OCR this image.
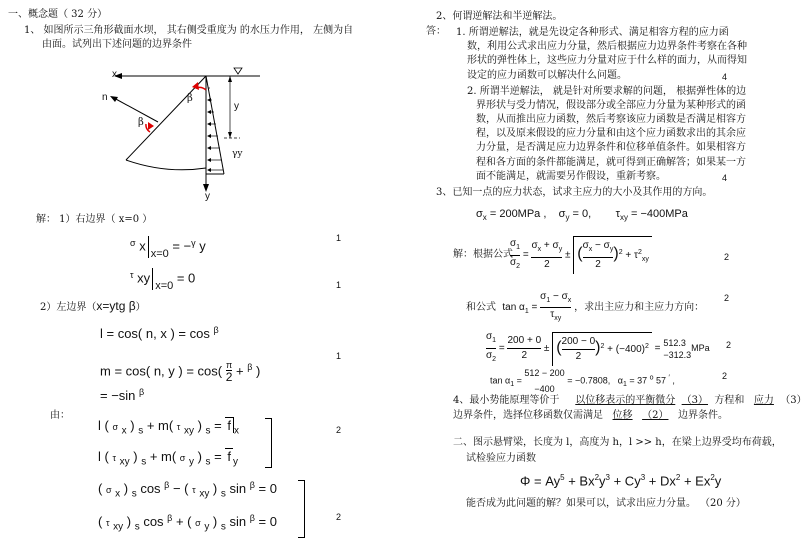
一、概念题（ 32 分）
1、 如图所示三角形截面水坝， 其右侧受重度为 的水压力作用， 左侧为自
由面。试列出下述问题的边界条件
x
n	β
β
y
γy
y
解： 1）右边界（ x=0 ）
$^\sigma$ $x_{x=0} = -^\gamma$ y
1
$^\tau$ $xy_{x=0} = 0$	1
2）左边界（x=ytg β）
l = cos( n, x ) = cos $^\beta$
m = cos( n, y ) = cos( π
2 + $^\beta$ )
1
= −sin $^\beta$
由：
l ( σ $_x$ ) $_s$ + m( τ $_{xy}$ ) $_s$ = f $_x$
l ( τ $_{xy}$ ) $_s$ + m( σ $_y$ ) $_s$ = f $_y$
2
( σ $_x$ ) $_s$ cos $^\beta$ − ( τ $_{xy}$ ) $_s$ sin $^\beta$ = 0
( τ $_{xy}$ ) $_s$ cos $^\beta$ + ( σ $_y$ ) $_s$ sin $^\beta$ = 0	2
2、何谓逆解法和半逆解法。
答： 1. 所谓逆解法，就是先设定各种形式、满足相容方程的应力函
数，利用公式求出应力分量，然后根据应力边界条件考察在各种
形状的弹性体上，这些应力分量对应于什么样的面力，从而得知
设定的应力函数可以解决什么问题。	4
2. 所谓半逆解法， 就是针对所要求解的问题， 根据弹性体的边
界形状与受力情况，假设部分或全部应力分量为某种形式的函
数，从而推出应力函数，然后考察该应力函数是否满足相容方
程，以及原来假设的应力分量和由这个应力函数求出的其余应
力分量，是否满足应力边界条件和位移单值条件。如果相容方
程和各方面的条件都能满足，就可得到正确解答；如果某一方
面不能满足，就需要另作假设，重新考察。	4
3、已知一点的应力状态，试求主应力的大小及其作用的方向。
$\sigma_x = 200MPa$ ,    $\sigma_y = 0$,        $\tau_{xy} = -400MPa$
解：根据公式
$\sigma_1$

$\sigma_2$
= $\sigma_x + \sigma_y$

2
± ($\sigma_x - \sigma_y$

2
)$^2 + \tau^2_{xy}$	2
和公式 $\tan \alpha_1 = \sigma_1 - \sigma_x$

$\tau_{xy}$
，求出主应力和主应力方向：
2
$\sigma_1$

$\sigma_2$
= 200 + 0

2
± (200 − 0

2
)$^2 + (-400)^2 = 512.3$
−312.3MPa 2
$\tan \alpha_1 = 512 - 200$

−400
= −0.7808,   $\alpha_1 = 37$ $^o$ 57 ′ ,	2
4、最小势能原理等价于 以位移表示的平衡微分 （3） 方程和 应力 （3）
边界条件，选择位移函数仅需满足 位移 （2） 边界条件。
二、图示悬臂梁，长度为 l，高度为 h，l >> h，在梁上边界受均布荷载，
试检验应力函数
$\Phi = Ay^5 + Bx^2y^3 + Cy^3 + Dx^2 + Ex^2y$
能否成为此问题的解？如果可以，试求出应力分量。 （20 分）
